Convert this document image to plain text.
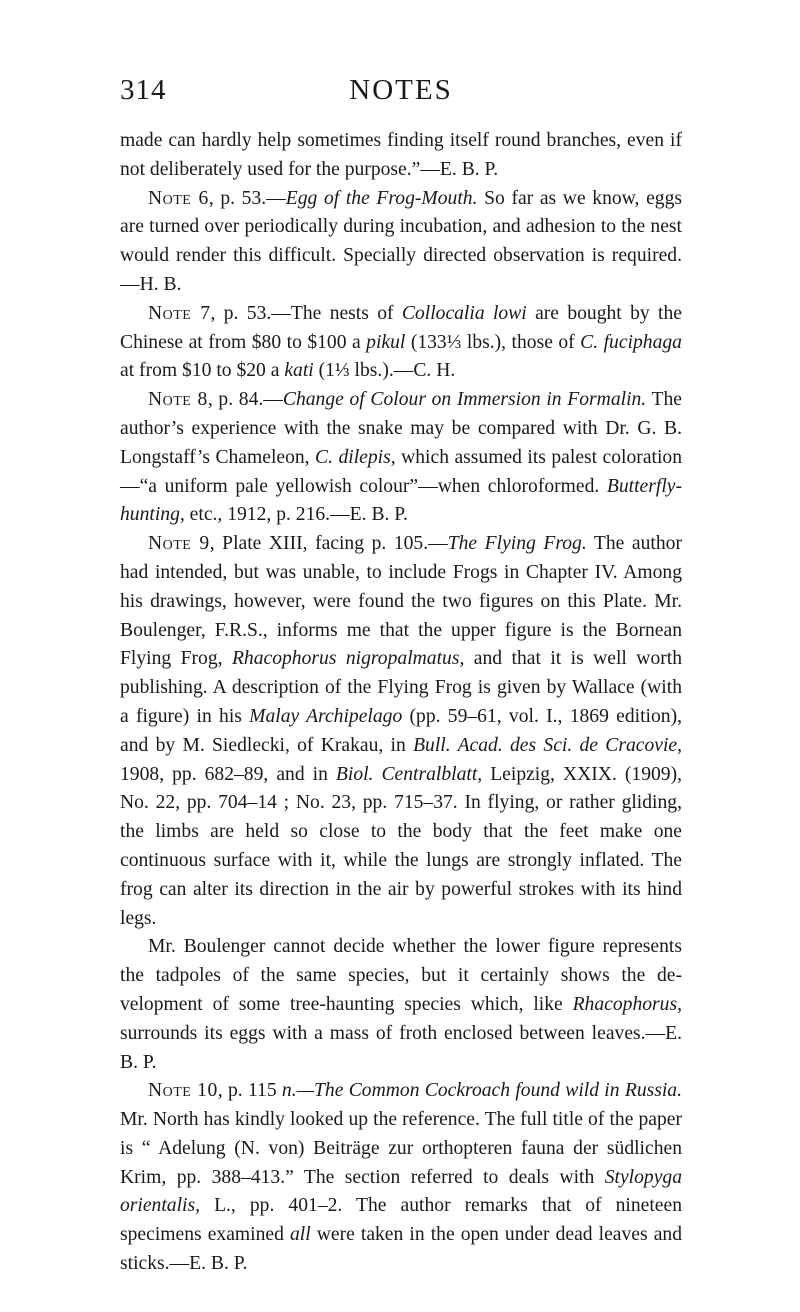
314	NOTES

made can hardly help sometimes finding itself round branches, even if not deliberately used for the purpose.”—E. B. P.

Note 6, p. 53.—Egg of the Frog-Mouth. So far as we know, eggs are turned over periodically during incubation, and adhesion to the nest would render this difficult. Specially directed observation is required.—H. B.

Note 7, p. 53.—The nests of Collocalia lowi are bought by the Chinese at from $80 to $100 a pikul (133⅓ lbs.), those of C. fuciphaga at from $10 to $20 a kati (1⅓ lbs.).—C. H.

Note 8, p. 84.—Change of Colour on Immersion in Formalin. The author’s experience with the snake may be compared with Dr. G. B. Longstaff’s Chameleon, C. dilepis, which assumed its palest coloration—“a uniform pale yellowish colour”—when chloroformed. Butterfly-hunting, etc., 1912, p. 216.—E. B. P.

Note 9, Plate XIII, facing p. 105.—The Flying Frog. The author had intended, but was unable, to include Frogs in Chapter IV. Among his drawings, however, were found the two figures on this Plate. Mr. Boulenger, F.R.S., informs me that the upper figure is the Bornean Flying Frog, Rhacophorus nigropalmatus, and that it is well worth publishing. A description of the Flying Frog is given by Wallace (with a figure) in his Malay Archipelago (pp. 59–61, vol. I., 1869 edition), and by M. Siedlecki, of Krakau, in Bull. Acad. des Sci. de Cracovie, 1908, pp. 682–89, and in Biol. Centralblatt, Leipzig, XXIX. (1909), No. 22, pp. 704–14 ; No. 23, pp. 715–37. In flying, or rather gliding, the limbs are held so close to the body that the feet make one continuous surface with it, while the lungs are strongly inflated. The frog can alter its direction in the air by powerful strokes with its hind legs.

Mr. Boulenger cannot decide whether the lower figure represents the tadpoles of the same species, but it certainly shows the development of some tree-haunting species which, like Rhacophorus, surrounds its eggs with a mass of froth enclosed between leaves.—E. B. P.

Note 10, p. 115 n.—The Common Cockroach found wild in Russia. Mr. North has kindly looked up the reference. The full title of the paper is “ Adelung (N. von) Beiträge zur orthopteren fauna der südlichen Krim, pp. 388–413.” The section referred to deals with Stylopyga orientalis, L., pp. 401–2. The author remarks that of nineteen specimens examined all were taken in the open under dead leaves and sticks.—E. B. P.
